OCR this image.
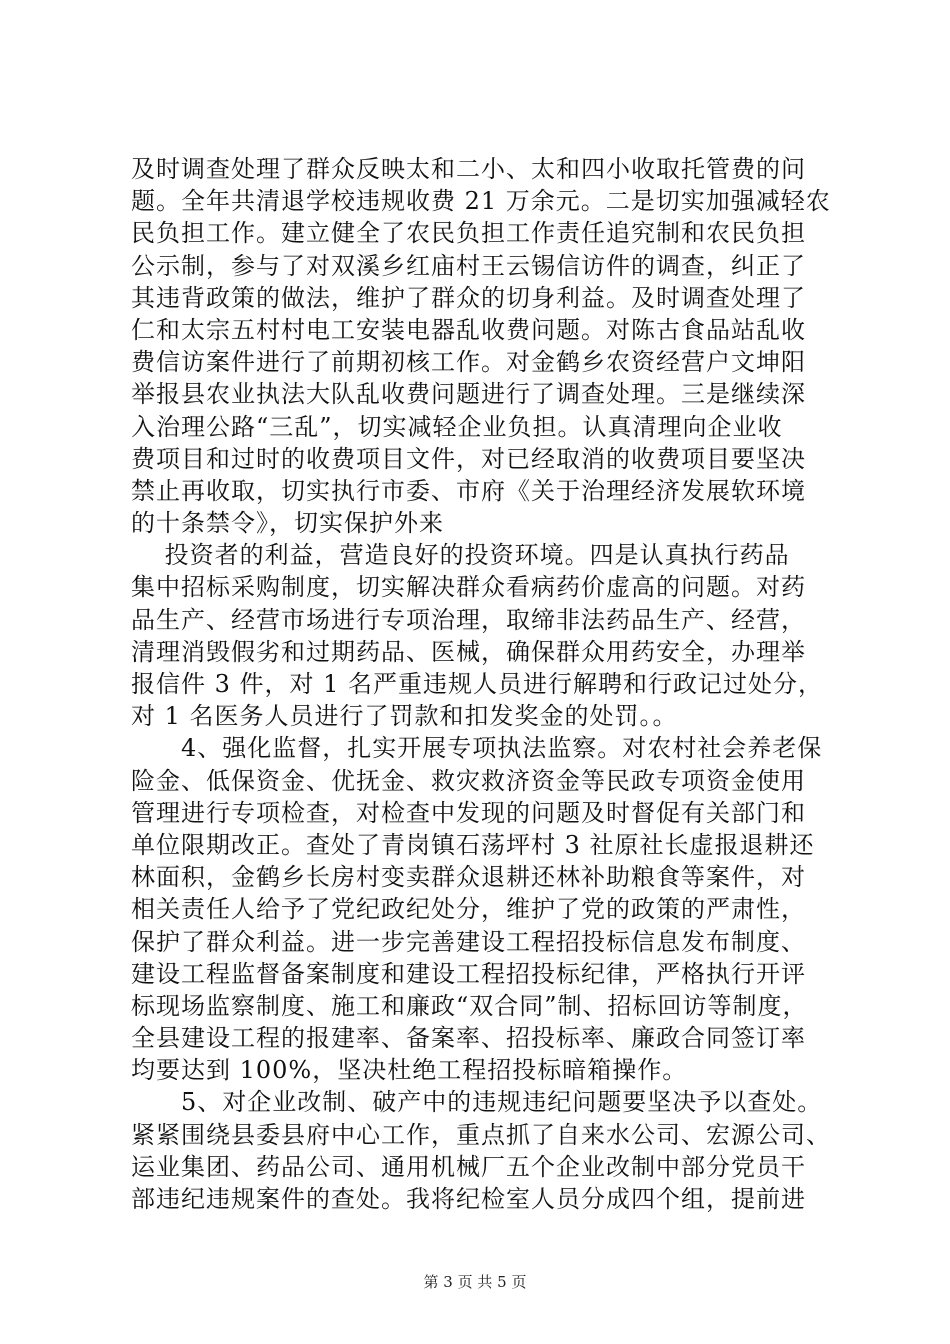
及时调查处理了群众反映太和二小、太和四小收取托管费的问
题。全年共清退学校违规收费 21 万余元。二是切实加强减轻农
民负担工作。建立健全了农民负担工作责任追究制和农民负担
公示制，参与了对双溪乡红庙村王云锡信访件的调查，纠正了
其违背政策的做法，维护了群众的切身利益。及时调查处理了
仁和太宗五村村电工安装电器乱收费问题。对陈古食品站乱收
费信访案件进行了前期初核工作。对金鹤乡农资经营户文坤阳
举报县农业执法大队乱收费问题进行了调查处理。三是继续深
入治理公路“三乱”，切实减轻企业负担。认真清理向企业收
费项目和过时的收费项目文件，对已经取消的收费项目要坚决
禁止再收取，切实执行市委、市府《关于治理经济发展软环境
的十条禁令》，切实保护外来
　 投资者的利益，营造良好的投资环境。四是认真执行药品
集中招标采购制度，切实解决群众看病药价虚高的问题。对药
品生产、经营市场进行专项治理，取缔非法药品生产、经营，
清理消毁假劣和过期药品、医械，确保群众用药安全，办理举
报信件 3 件，对 1 名严重违规人员进行解聘和行政记过处分，
对 1 名医务人员进行了罚款和扣发奖金的处罚。。
　　4、强化监督，扎实开展专项执法监察。对农村社会养老保
险金、低保资金、优抚金、救灾救济资金等民政专项资金使用
管理进行专项检查，对检查中发现的问题及时督促有关部门和
单位限期改正。查处了青岗镇石荡坪村 3 社原社长虚报退耕还
林面积，金鹤乡长房村变卖群众退耕还林补助粮食等案件，对
相关责任人给予了党纪政纪处分，维护了党的政策的严肃性，
保护了群众利益。进一步完善建设工程招投标信息发布制度、
建设工程监督备案制度和建设工程招投标纪律，严格执行开评
标现场监察制度、施工和廉政“双合同”制、招标回访等制度，
全县建设工程的报建率、备案率、招投标率、廉政合同签订率
均要达到 100%，坚决杜绝工程招投标暗箱操作。
　　5、对企业改制、破产中的违规违纪问题要坚决予以查处。
紧紧围绕县委县府中心工作，重点抓了自来水公司、宏源公司、
运业集团、药品公司、通用机械厂五个企业改制中部分党员干
部违纪违规案件的查处。我将纪检室人员分成四个组，提前进
第 3 页 共 5 页
